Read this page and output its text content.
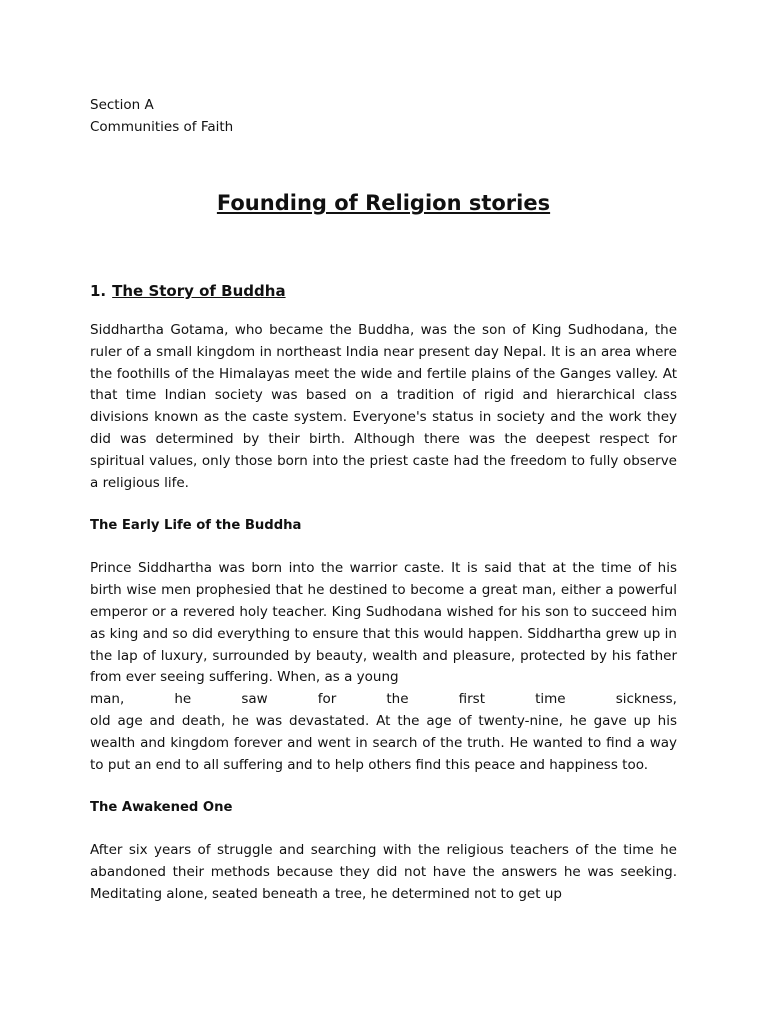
Section A

Communities of Faith

Founding of Religion stories
1. The Story of Buddha

Siddhartha Gotama, who became the Buddha, was the son of King Sudhodana, the ruler of a small kingdom in northeast India near present day Nepal. It is an area where the foothills of the Himalayas meet the wide and fertile plains of the Ganges valley. At that time Indian society was based on a tradition of rigid and hierarchical class divisions known as the caste system. Everyone's status in society and the work they did was determined by their birth. Although there was the deepest respect for spiritual values, only those born into the priest caste had the freedom to fully observe a religious life.

The Early Life of the Buddha

Prince Siddhartha was born into the warrior caste. It is said that at the time of his birth wise men prophesied that he destined to become a great man, either a powerful emperor or a revered holy teacher. King Sudhodana wished for his son to succeed him as king and so did everything to ensure that this would happen. Siddhartha grew up in the lap of luxury, surrounded by beauty, wealth and pleasure, protected by his father from ever seeing suffering. When, as a young

man,	he	saw	for	the	first	time	sickness,

old age and death, he was devastated. At the age of twenty-nine, he gave up his wealth and kingdom forever and went in search of the truth. He wanted to find a way to put an end to all suffering and to help others find this peace and happiness too.

The Awakened One

After six years of struggle and searching with the religious teachers of the time he abandoned their methods because they did not have the answers he was seeking. Meditating alone, seated beneath a tree, he determined not to get up
